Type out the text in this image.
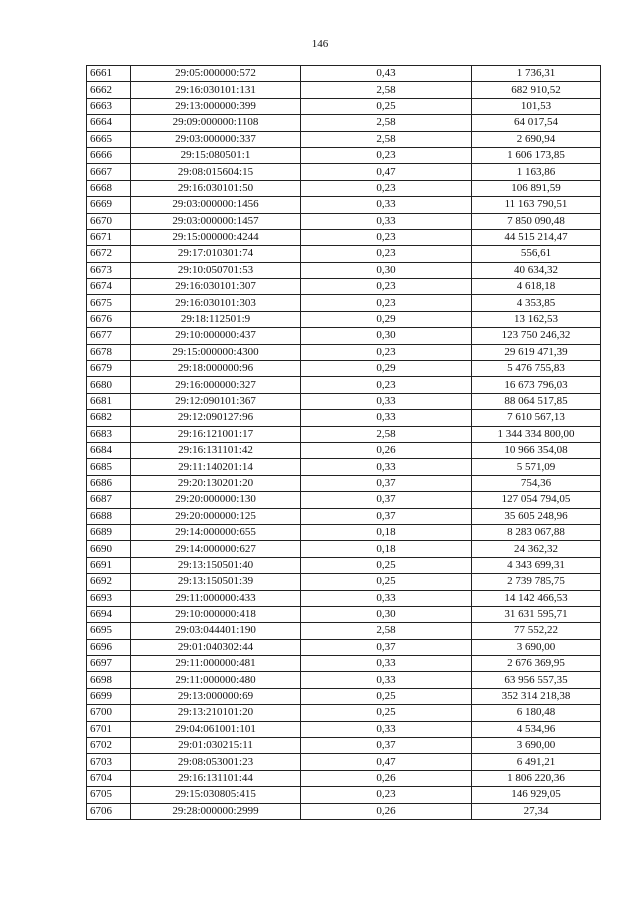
146
6661	29:05:000000:572	0,43	1 736,31
6662	29:16:030101:131	2,58	682 910,52
6663	29:13:000000:399	0,25	101,53
6664	29:09:000000:1108	2,58	64 017,54
6665	29:03:000000:337	2,58	2 690,94
6666	29:15:080501:1	0,23	1 606 173,85
6667	29:08:015604:15	0,47	1 163,86
6668	29:16:030101:50	0,23	106 891,59
6669	29:03:000000:1456	0,33	11 163 790,51
6670	29:03:000000:1457	0,33	7 850 090,48
6671	29:15:000000:4244	0,23	44 515 214,47
6672	29:17:010301:74	0,23	556,61
6673	29:10:050701:53	0,30	40 634,32
6674	29:16:030101:307	0,23	4 618,18
6675	29:16:030101:303	0,23	4 353,85
6676	29:18:112501:9	0,29	13 162,53
6677	29:10:000000:437	0,30	123 750 246,32
6678	29:15:000000:4300	0,23	29 619 471,39
6679	29:18:000000:96	0,29	5 476 755,83
6680	29:16:000000:327	0,23	16 673 796,03
6681	29:12:090101:367	0,33	88 064 517,85
6682	29:12:090127:96	0,33	7 610 567,13
6683	29:16:121001:17	2,58	1 344 334 800,00
6684	29:16:131101:42	0,26	10 966 354,08
6685	29:11:140201:14	0,33	5 571,09
6686	29:20:130201:20	0,37	754,36
6687	29:20:000000:130	0,37	127 054 794,05
6688	29:20:000000:125	0,37	35 605 248,96
6689	29:14:000000:655	0,18	8 283 067,88
6690	29:14:000000:627	0,18	24 362,32
6691	29:13:150501:40	0,25	4 343 699,31
6692	29:13:150501:39	0,25	2 739 785,75
6693	29:11:000000:433	0,33	14 142 466,53
6694	29:10:000000:418	0,30	31 631 595,71
6695	29:03:044401:190	2,58	77 552,22
6696	29:01:040302:44	0,37	3 690,00
6697	29:11:000000:481	0,33	2 676 369,95
6698	29:11:000000:480	0,33	63 956 557,35
6699	29:13:000000:69	0,25	352 314 218,38
6700	29:13:210101:20	0,25	6 180,48
6701	29:04:061001:101	0,33	4 534,96
6702	29:01:030215:11	0,37	3 690,00
6703	29:08:053001:23	0,47	6 491,21
6704	29:16:131101:44	0,26	1 806 220,36
6705	29:15:030805:415	0,23	146 929,05
6706	29:28:000000:2999	0,26	27,34
